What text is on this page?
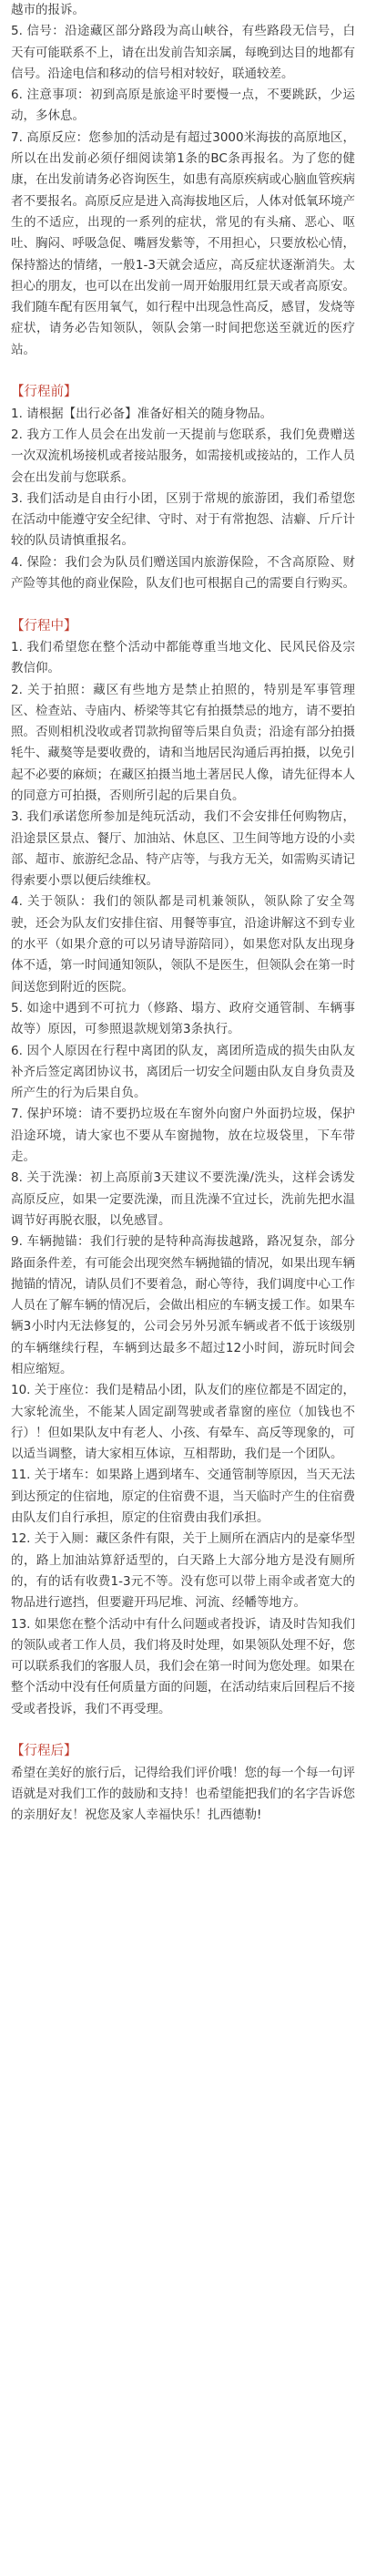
越市的报诉。

5. 信号：沿途藏区部分路段为高山峡谷，有些路段无信号，白天有可能联系不上，请在出发前告知亲属，每晚到达目的地都有信号。沿途电信和移动的信号相对较好，联通较差。

6. 注意事项：初到高原是旅途平时要慢一点，不要跳跃，少运动，多休息。

7. 高原反应：您参加的活动是有超过3000米海拔的高原地区，所以在出发前必须仔细阅读第1条的BC条再报名。为了您的健康，在出发前请务必咨询医生，如患有高原疾病或心脑血管疾病者不要报名。高原反应是进入高海拔地区后，人体对低氧环境产生的不适应，出现的一系列的症状，常见的有头痛、恶心、呕吐、胸闷、呼吸急促、嘴唇发紫等，不用担心，只要放松心情，保持豁达的情绪，一般1-3天就会适应，高反症状逐渐消失。太担心的朋友，也可以在出发前一周开始服用红景天或者高原安。我们随车配有医用氧气，如行程中出现急性高反，感冒，发烧等症状，请务必告知领队，领队会第一时间把您送至就近的医疗站。

【行程前】

1. 请根据【出行必备】准备好相关的随身物品。

2. 我方工作人员会在出发前一天提前与您联系，我们免费赠送一次双流机场接机或者接站服务，如需接机或接站的，工作人员会在出发前与您联系。

3. 我们活动是自由行小团，区别于常规的旅游团，我们希望您在活动中能遵守安全纪律、守时、对于有常抱怨、洁癖、斤斤计较的队员请慎重报名。

4. 保险：我们会为队员们赠送国内旅游保险，不含高原险、财产险等其他的商业保险，队友们也可根据自己的需要自行购买。

【行程中】

1. 我们希望您在整个活动中都能尊重当地文化、民风民俗及宗教信仰。

2. 关于拍照：藏区有些地方是禁止拍照的，特别是军事管理区、检查站、寺庙内、桥梁等其它有拍摄禁忌的地方，请不要拍照。否则相机没收或者罚款拘留等后果自负责；沿途有部分拍摄牦牛、藏獒等是要收费的，请和当地居民沟通后再拍摄，以免引起不必要的麻烦；在藏区拍摄当地土著居民人像，请先征得本人的同意方可拍摄，否则所引起的后果自负。

3. 我们承诺您所参加是纯玩活动，我们不会安排任何购物店，沿途景区景点、餐厅、加油站、休息区、卫生间等地方设的小卖部、超市、旅游纪念品、特产店等，与我方无关，如需购买请记得索要小票以便后续维权。

4. 关于领队：我们的领队都是司机兼领队，领队除了安全驾驶，还会为队友们安排住宿、用餐等事宜，沿途讲解这不到专业的水平（如果介意的可以另请导游陪同），如果您对队友出现身体不适，第一时间通知领队，领队不是医生，但领队会在第一时间送您到附近的医院。

5. 如途中遇到不可抗力（修路、塌方、政府交通管制、车辆事故等）原因，可参照退款规划第3条执行。

6. 因个人原因在行程中离团的队友，离团所造成的损失由队友补齐后签定离团协议书，离团后一切安全问题由队友自身负责及所产生的行为后果自负。

7. 保护环境：请不要扔垃圾在车窗外向窗户外面扔垃圾，保护沿途环境，请大家也不要从车窗抛物，放在垃圾袋里，下车带走。

8. 关于洗澡：初上高原前3天建议不要洗澡/洗头，这样会诱发高原反应，如果一定要洗澡，而且洗澡不宜过长，洗前先把水温调节好再脱衣服，以免感冒。

9. 车辆抛锚：我们行驶的是特种高海拔越路，路况复杂，部分路面条件差，有可能会出现突然车辆抛锚的情况，如果出现车辆抛锚的情况，请队员们不要着急，耐心等待，我们调度中心工作人员在了解车辆的情况后，会做出相应的车辆支援工作。如果车辆3小时内无法修复的，公司会另外另派车辆或者不低于该级别的车辆继续行程，车辆到达最多不超过12小时间，游玩时间会相应缩短。

10. 关于座位：我们是精品小团，队友们的座位都是不固定的，大家轮流坐，不能某人固定副驾驶或者靠窗的座位（加钱也不行）！但如果队友中有老人、小孩、有晕车、高反等现象的，可以适当调整，请大家相互体谅，互相帮助，我们是一个团队。

11. 关于堵车：如果路上遇到堵车、交通管制等原因，当天无法到达预定的住宿地，原定的住宿费不退，当天临时产生的住宿费由队友们自行承担，原定的住宿费由我们承担。

12. 关于入厕：藏区条件有限，关于上厕所在酒店内的是豪华型的，路上加油站算舒适型的，白天路上大部分地方是没有厕所的，有的话有收费1-3元不等。没有您可以带上雨伞或者宽大的物品进行遮挡，但要避开玛尼堆、河流、经幡等地方。

13. 如果您在整个活动中有什么问题或者投诉，请及时告知我们的领队或者工作人员，我们将及时处理，如果领队处理不好，您可以联系我们的客服人员，我们会在第一时间为您处理。如果在整个活动中没有任何质量方面的问题，在活动结束后回程后不接受或者投诉，我们不再受理。

【行程后】

希望在美好的旅行后，记得给我们评价哦！您的每一个每一句评语就是对我们工作的鼓励和支持！也希望能把我们的名字告诉您的亲朋好友！祝您及家人幸福快乐！扎西德勒!
